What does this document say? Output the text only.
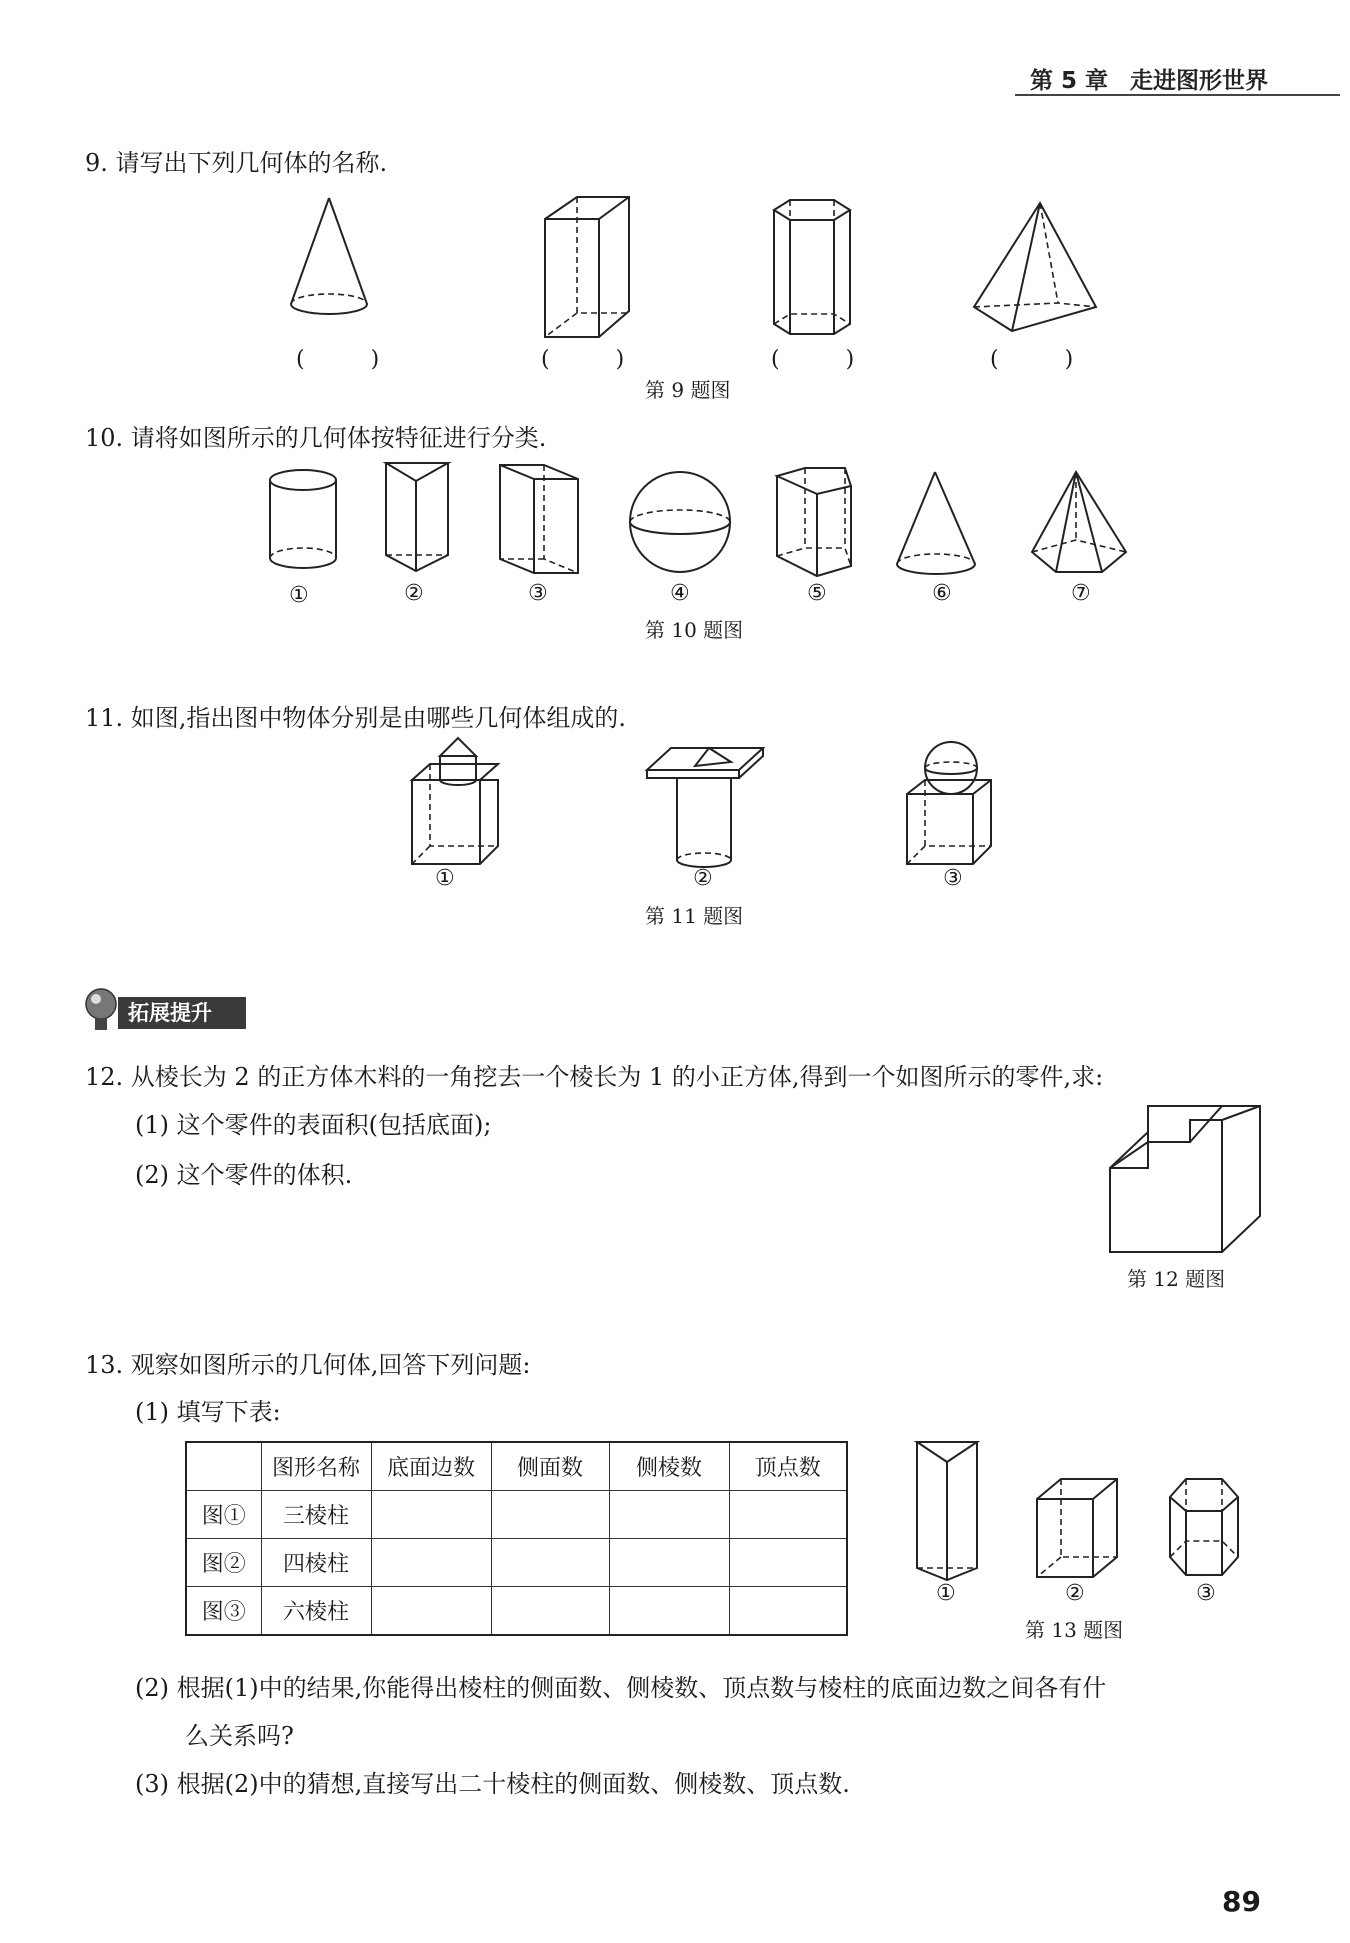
第 5 章 走进图形世界
9. 请写出下列几何体的名称.
(　　　)	(　　　)	(　　　)	(　　　)
第 9 题图
10. 请将如图所示的几何体按特征进行分类.
①	②	③	④	⑤	⑥	⑦
第 10 题图
11. 如图,指出图中物体分别是由哪些几何体组成的.
①	②	③
第 11 题图
拓展提升
12. 从棱长为 2 的正方体木料的一角挖去一个棱长为 1 的小正方体,得到一个如图所示的零件,求:
(1) 这个零件的表面积(包括底面);
(2) 这个零件的体积.
第 12 题图
13. 观察如图所示的几何体,回答下列问题:
(1) 填写下表:
	图形名称	底面边数	侧面数	侧棱数	顶点数
图①	三棱柱				
图②	四棱柱				
图③	六棱柱				
①	②	③
第 13 题图
(2) 根据(1)中的结果,你能得出棱柱的侧面数、侧棱数、顶点数与棱柱的底面边数之间各有什
么关系吗?
(3) 根据(2)中的猜想,直接写出二十棱柱的侧面数、侧棱数、顶点数.
89
